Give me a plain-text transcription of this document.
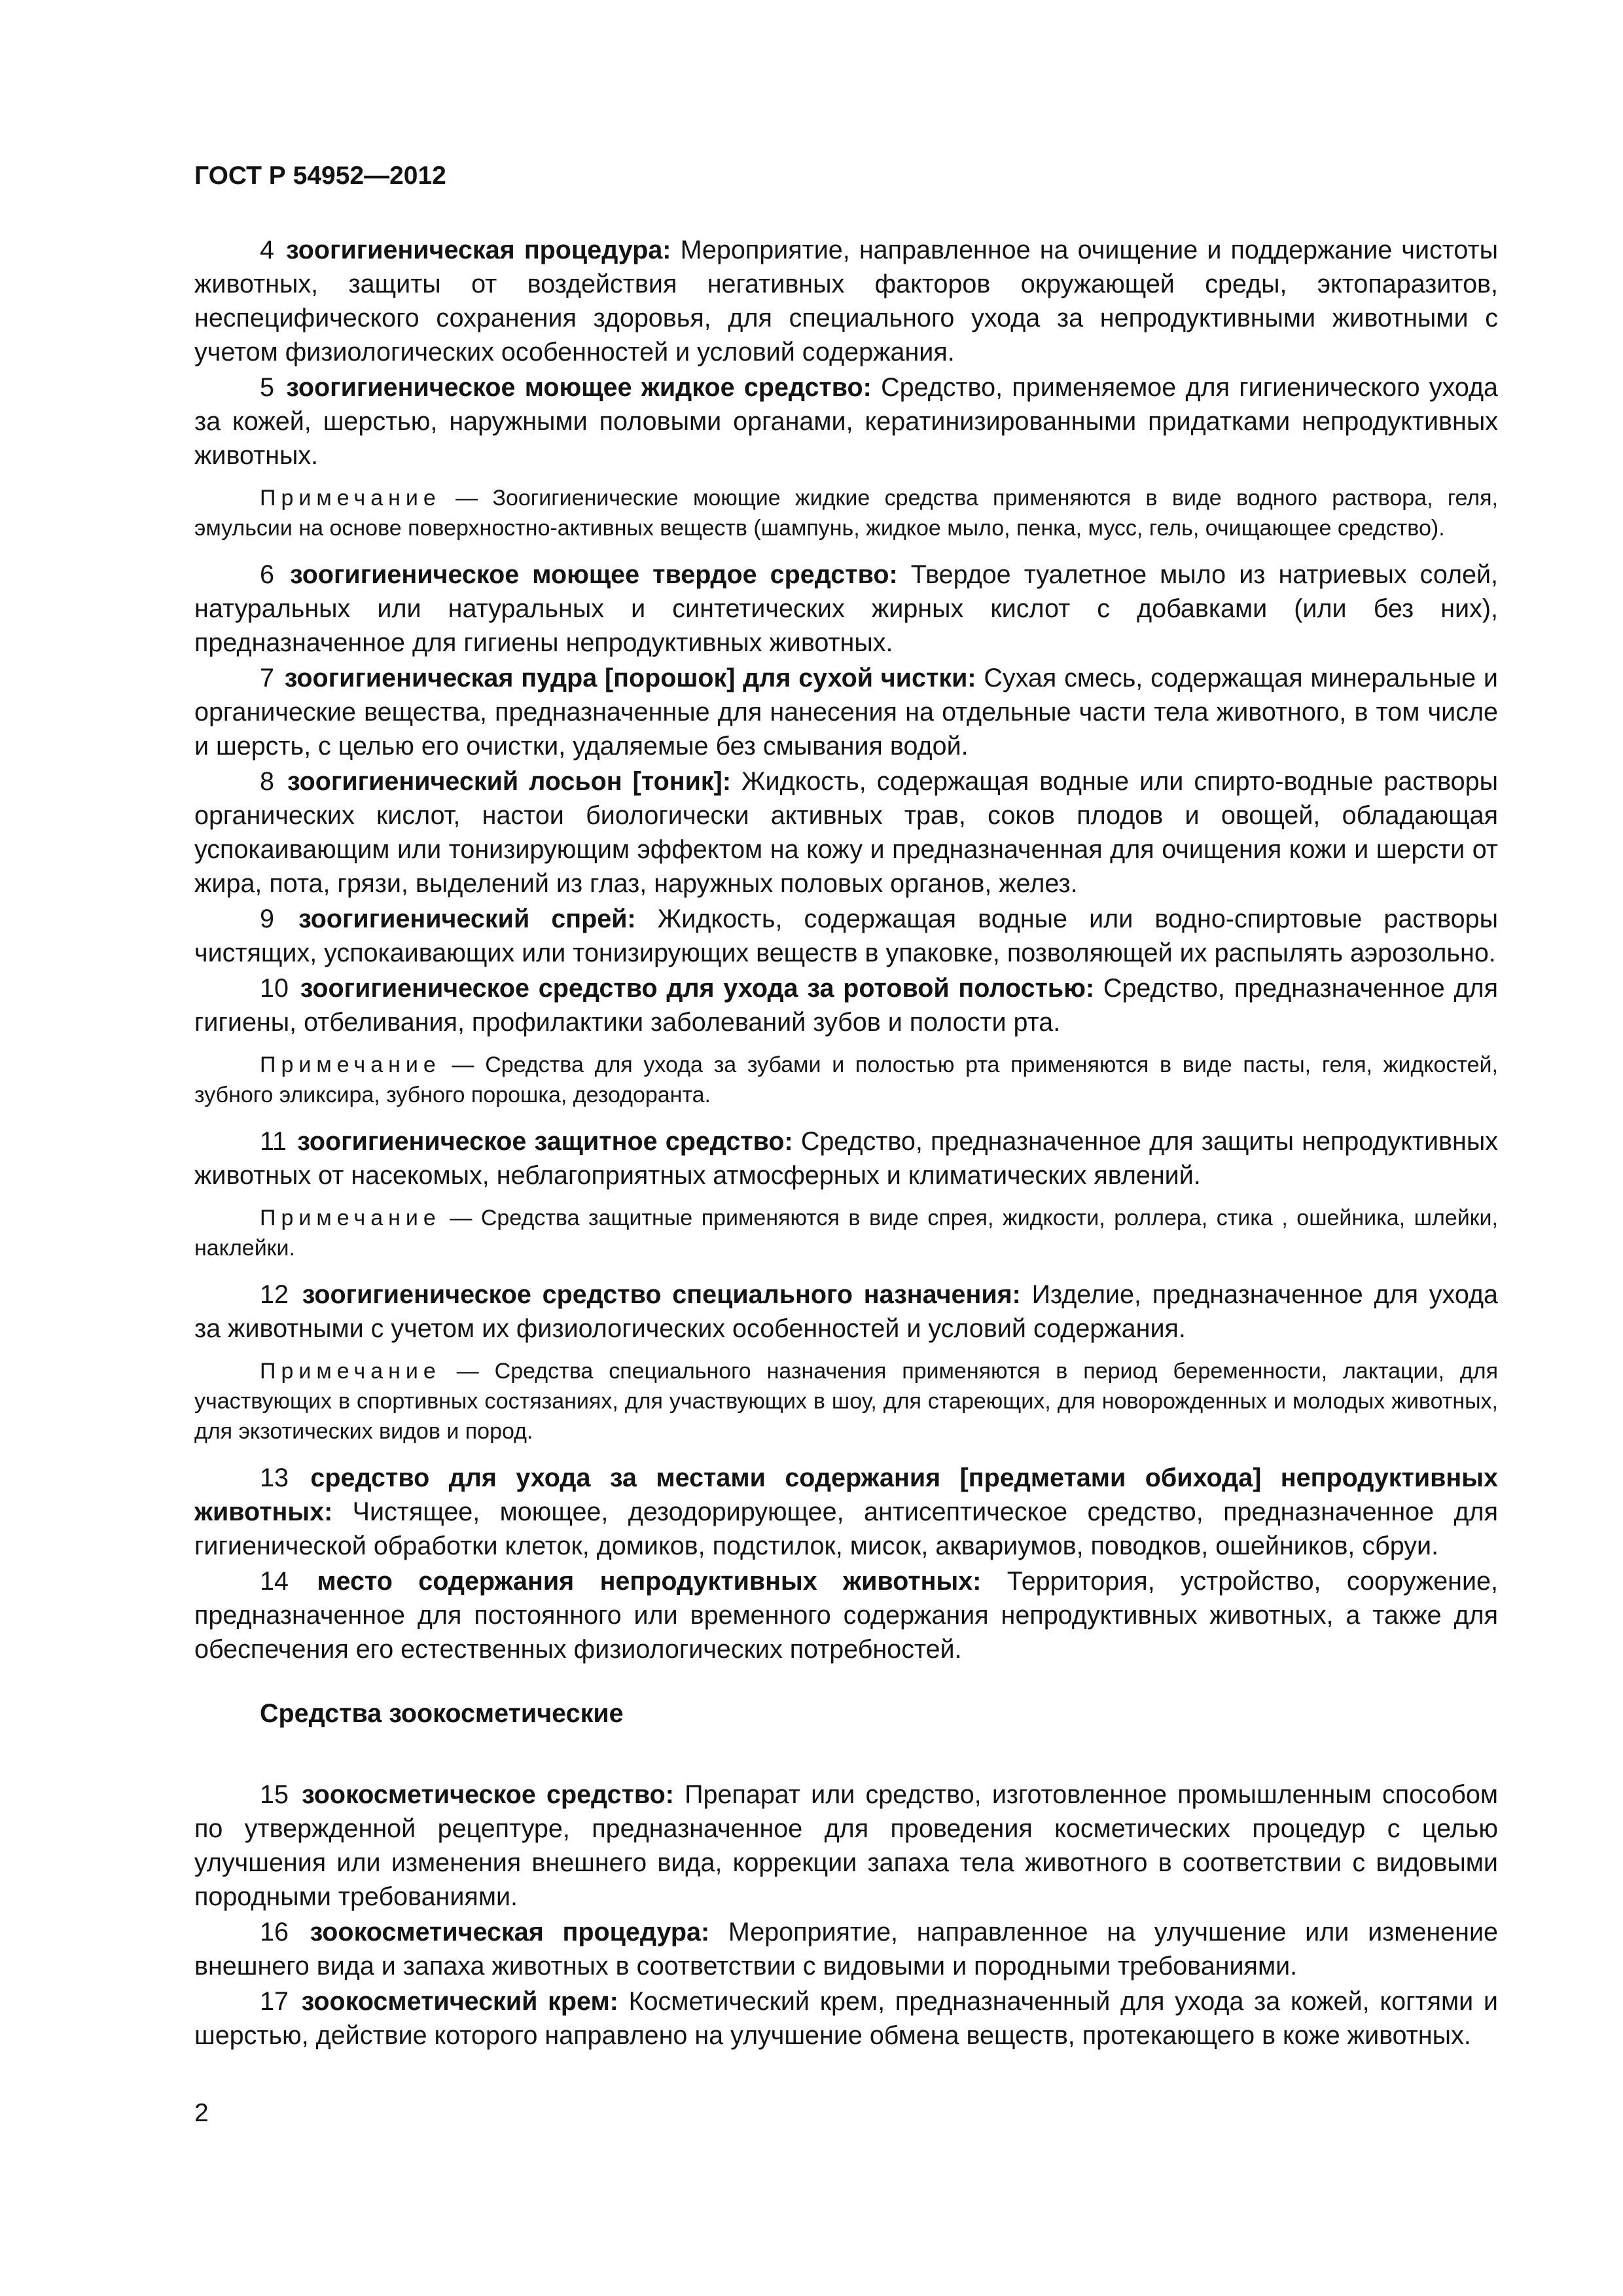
ГОСТ Р 54952—2012

4 зоогигиеническая процедура: Мероприятие, направленное на очищение и поддержание чистоты животных, защиты от воздействия негативных факторов окружающей среды, эктопаразитов, неспецифического сохранения здоровья, для специального ухода за непродуктивными животными с учетом физиологических особенностей и условий содержания.

5 зоогигиеническое моющее жидкое средство: Средство, применяемое для гигиенического ухода за кожей, шерстью, наружными половыми органами, кератинизированными придатками непродуктивных животных.

Примечание — Зоогигиенические моющие жидкие средства применяются в виде водного раствора, геля, эмульсии на основе поверхностно-активных веществ (шампунь, жидкое мыло, пенка, мусс, гель, очищающее средство).

6 зоогигиеническое моющее твердое средство: Твердое туалетное мыло из натриевых солей, натуральных или натуральных и синтетических жирных кислот с добавками (или без них), предназначенное для гигиены непродуктивных животных.

7 зоогигиеническая пудра [порошок] для сухой чистки: Сухая смесь, содержащая минеральные и органические вещества, предназначенные для нанесения на отдельные части тела животного, в том числе и шерсть, с целью его очистки, удаляемые без смывания водой.

8 зоогигиенический лосьон [тоник]: Жидкость, содержащая водные или спирто-водные растворы органических кислот, настои биологически активных трав, соков плодов и овощей, обладающая успокаивающим или тонизирующим эффектом на кожу и предназначенная для очищения кожи и шерсти от жира, пота, грязи, выделений из глаз, наружных половых органов, желез.

9 зоогигиенический спрей: Жидкость, содержащая водные или водно-спиртовые растворы чистящих, успокаивающих или тонизирующих веществ в упаковке, позволяющей их распылять аэрозольно.

10 зоогигиеническое средство для ухода за ротовой полостью: Средство, предназначенное для гигиены, отбеливания, профилактики заболеваний зубов и полости рта.

Примечание — Средства для ухода за зубами и полостью рта применяются в виде пасты, геля, жидкостей, зубного эликсира, зубного порошка, дезодоранта.

11 зоогигиеническое защитное средство: Средство, предназначенное для защиты непродуктивных животных от насекомых, неблагоприятных атмосферных и климатических явлений.

Примечание — Средства защитные применяются в виде спрея, жидкости, роллера, стика , ошейника, шлейки, наклейки.

12 зоогигиеническое средство специального назначения: Изделие, предназначенное для ухода за животными с учетом их физиологических особенностей и условий содержания.

Примечание — Средства специального назначения применяются в период беременности, лактации, для участвующих в спортивных состязаниях, для участвующих в шоу, для стареющих, для новорожденных и молодых животных, для экзотических видов и пород.

13 средство для ухода за местами содержания [предметами обихода] непродуктивных животных: Чистящее, моющее, дезодорирующее, антисептическое средство, предназначенное для гигиенической обработки клеток, домиков, подстилок, мисок, аквариумов, поводков, ошейников, сбруи.

14 место содержания непродуктивных животных: Территория, устройство, сооружение, предназначенное для постоянного или временного содержания непродуктивных животных, а также для обеспечения его естественных физиологических потребностей.

Средства зоокосметические

15 зоокосметическое средство: Препарат или средство, изготовленное промышленным способом по утвержденной рецептуре, предназначенное для проведения косметических процедур с целью улучшения или изменения внешнего вида, коррекции запаха тела животного в соответствии с видовыми породными требованиями.

16 зоокосметическая процедура: Мероприятие, направленное на улучшение или изменение внешнего вида и запаха животных в соответствии с видовыми и породными требованиями.

17 зоокосметический крем: Косметический крем, предназначенный для ухода за кожей, когтями и шерстью, действие которого направлено на улучшение обмена веществ, протекающего в коже животных.

2
